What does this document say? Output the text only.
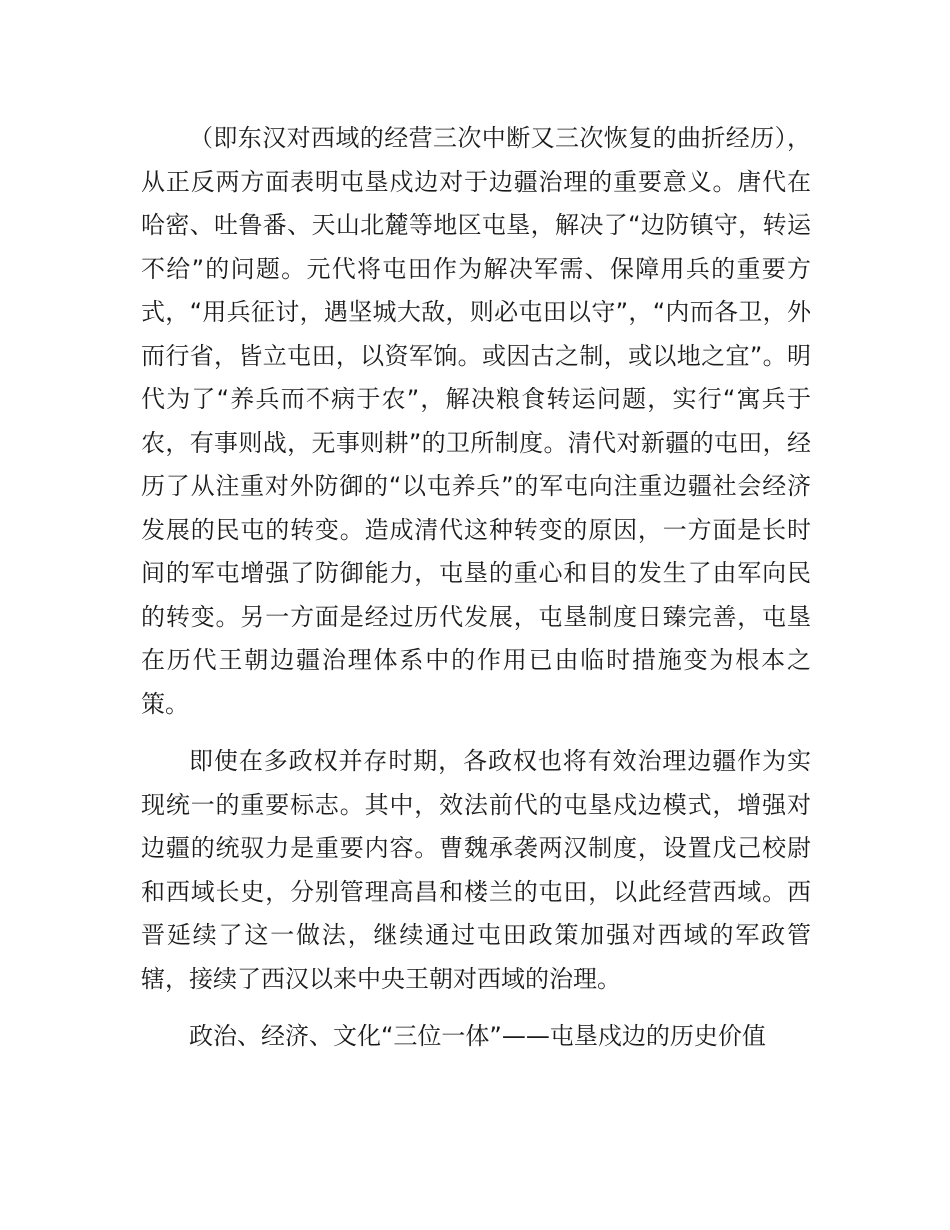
（即东汉对西域的经营三次中断又三次恢复的曲折经历），从正反两方面表明屯垦戍边对于边疆治理的重要意义。唐代在哈密、吐鲁番、天山北麓等地区屯垦，解决了“边防镇守，转运不给”的问题。元代将屯田作为解决军需、保障用兵的重要方式，“用兵征讨，遇坚城大敌，则必屯田以守”，“内而各卫，外而行省，皆立屯田，以资军饷。或因古之制，或以地之宜”。明代为了“养兵而不病于农”，解决粮食转运问题，实行“寓兵于农，有事则战，无事则耕”的卫所制度。清代对新疆的屯田，经历了从注重对外防御的“以屯养兵”的军屯向注重边疆社会经济发展的民屯的转变。造成清代这种转变的原因，一方面是长时间的军屯增强了防御能力，屯垦的重心和目的发生了由军向民的转变。另一方面是经过历代发展，屯垦制度日臻完善，屯垦在历代王朝边疆治理体系中的作用已由临时措施变为根本之策。

即使在多政权并存时期，各政权也将有效治理边疆作为实现统一的重要标志。其中，效法前代的屯垦戍边模式，增强对边疆的统驭力是重要内容。曹魏承袭两汉制度，设置戊己校尉和西域长史，分别管理高昌和楼兰的屯田，以此经营西域。西晋延续了这一做法，继续通过屯田政策加强对西域的军政管辖，接续了西汉以来中央王朝对西域的治理。

政治、经济、文化“三位一体”——屯垦戍边的历史价值
